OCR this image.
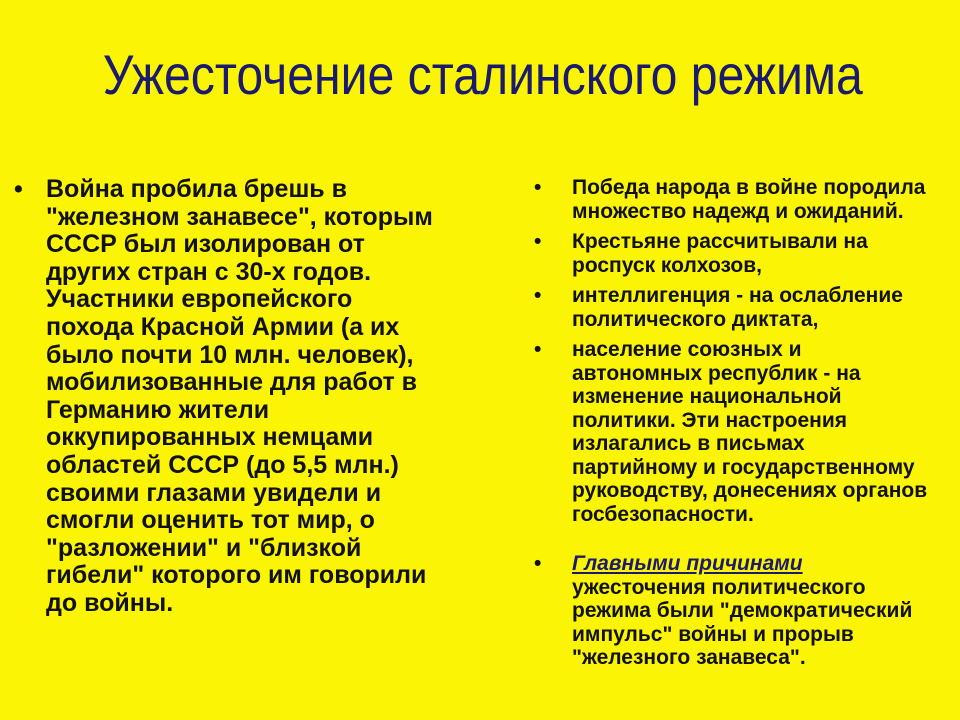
Ужесточение сталинского режима
• Война пробила брешь в
"железном занавесе", которым
СССР был изолирован от
других стран с 30-х годов.
Участники европейского
похода Красной Армии (а их
было почти 10 млн. человек),
мобилизованные для работ в
Германию жители
оккупированных немцами
областей СССР (до 5,5 млн.)
своими глазами увидели и
смогли оценить тот мир, о
"разложении" и "близкой
гибели" которого им говорили
до войны.
• Победа народа в войне породила
множество надежд и ожиданий.
• Крестьяне рассчитывали на
роспуск колхозов,
• интеллигенция - на ослабление
политического диктата,
• население союзных и
автономных республик - на
изменение национальной
политики. Эти настроения
излагались в письмах
партийному и государственному
руководству, донесениях органов
госбезопасности.
• Главными причинами
ужесточения политического
режима были "демократический
импульс" войны и прорыв
"железного занавеса".
